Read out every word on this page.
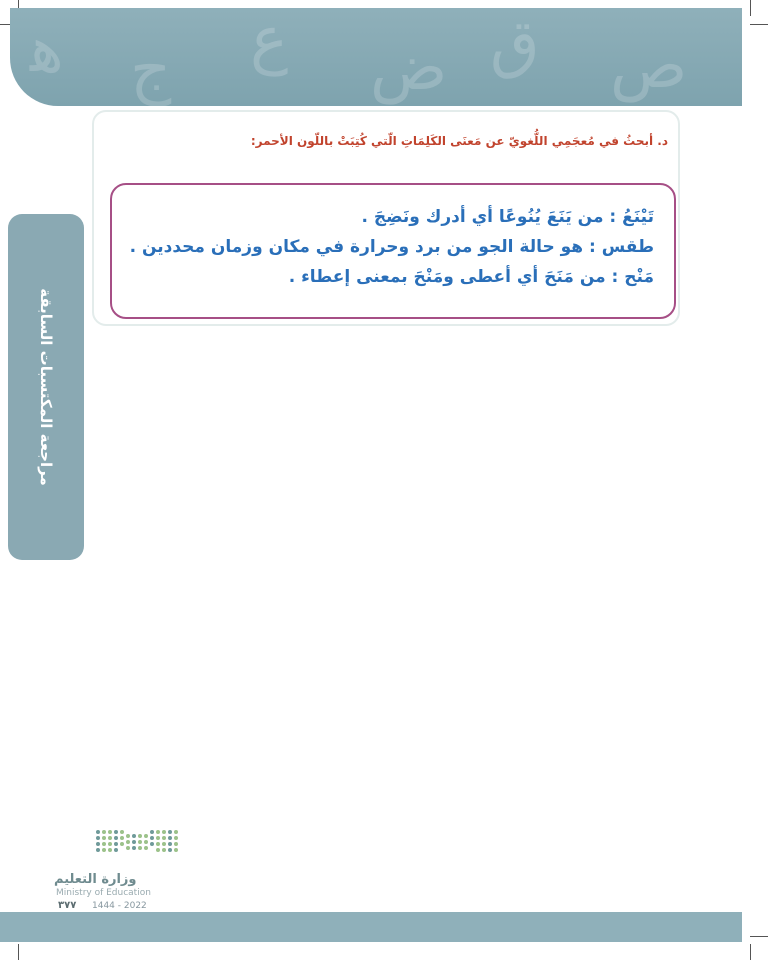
ﻫ ﺝ ﻉ ﺽ ﻕ ﺹ
د. أبحثُ في مُعجَمِي اللُّغويّ عن مَعنَى الكَلِمَاتِ الّتي كُتِبَتْ باللّون الأحمر:
تَيْنَعُ : من يَنَعَ يُنُوعًا أي أدرك ونَضِجَ .
طقس : هو حالة الجو من برد وحرارة في مكان وزمان محددين .
مَنْح : من مَنَحَ أي أعطى ومَنْحَ بمعنى إعطاء .
مراجعة المكتسبات السابقة
وزارة التعليم
Ministry of Education
٣٧٧ 1444 - 2022
